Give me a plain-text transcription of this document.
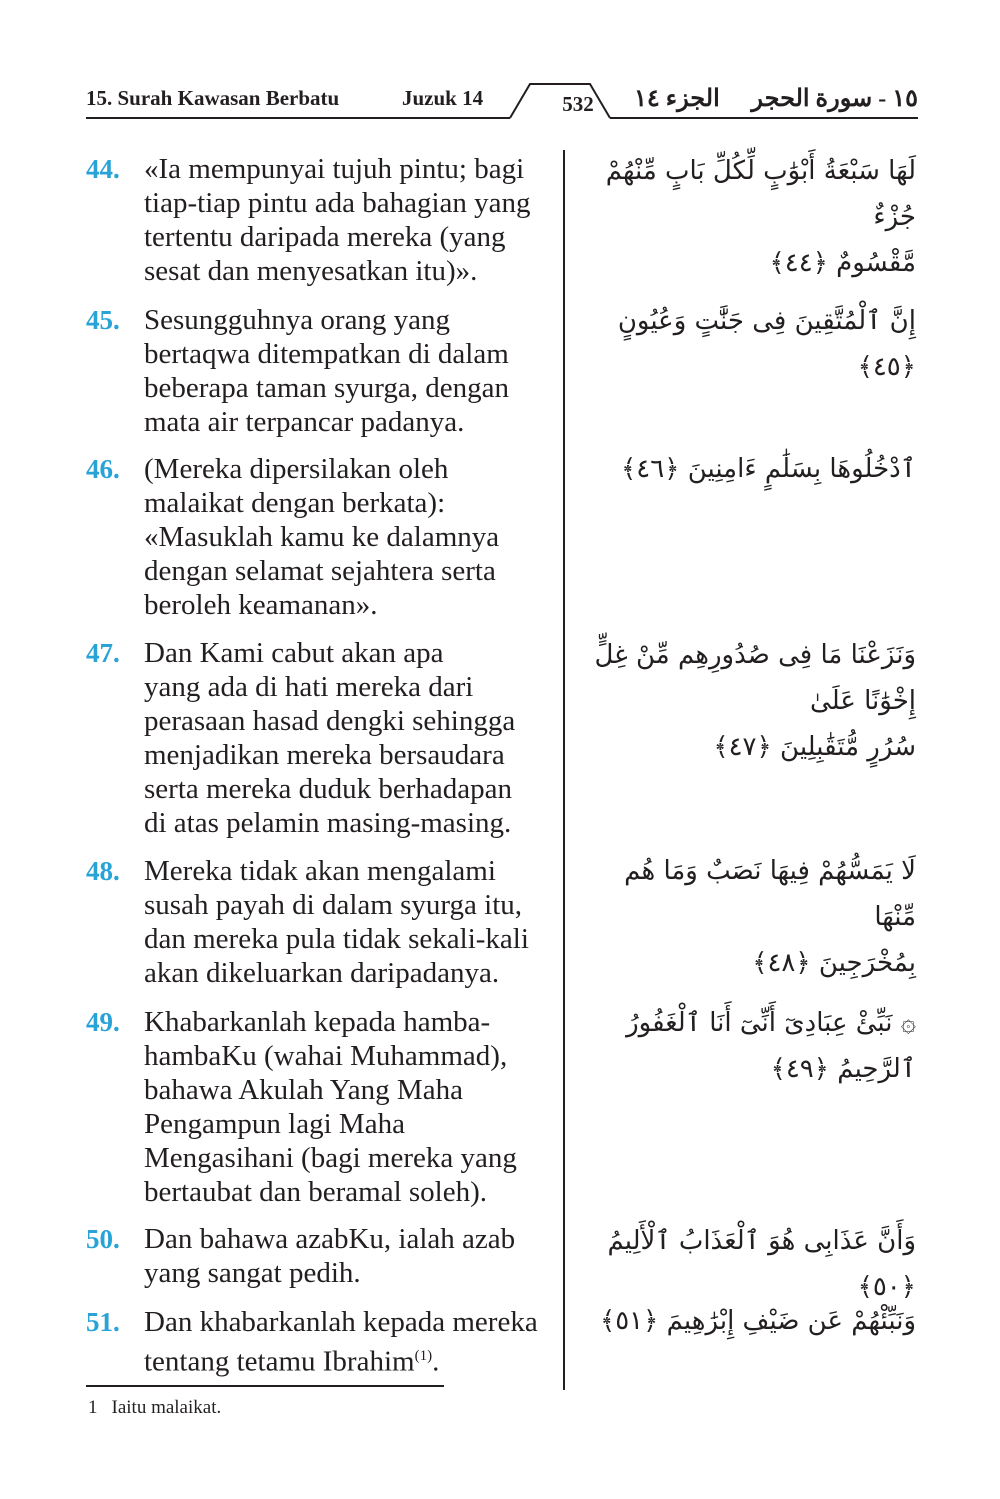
15. Surah Kawasan Berbatu	Juzuk 14	532	الجزء ١٤ ١٥ - سورة الحجر
44. «Ia mempunyai tujuh pintu; bagi
tiap-tiap pintu ada bahagian yang
tertentu daripada mereka (yang
sesat dan menyesatkan itu)».
لَهَا سَبْعَةُ أَبْوَٰبٍ لِّكُلِّ بَابٍ مِّنْهُمْ جُزْءٌ
مَّقْسُومٌ ﴿٤٤﴾
45. Sesungguhnya orang yang
bertaqwa ditempatkan di dalam
beberapa taman syurga, dengan
mata air terpancar padanya.
إِنَّ ٱلْمُتَّقِينَ فِى جَنَّٰتٍ وَعُيُونٍ ﴿٤٥﴾
46. (Mereka dipersilakan oleh
malaikat dengan berkata):
«Masuklah kamu ke dalamnya
dengan selamat sejahtera serta
beroleh keamanan».
ٱدْخُلُوهَا بِسَلَٰمٍ ءَامِنِينَ ﴿٤٦﴾
47. Dan Kami cabut akan apa
yang ada di hati mereka dari
perasaan hasad dengki sehingga
menjadikan mereka bersaudara
serta mereka duduk berhadapan
di atas pelamin masing-masing.
وَنَزَعْنَا مَا فِى صُدُورِهِم مِّنْ غِلٍّ إِخْوَٰنًا عَلَىٰ
سُرُرٍ مُّتَقَٰبِلِينَ ﴿٤٧﴾
48. Mereka tidak akan mengalami
susah payah di dalam syurga itu,
dan mereka pula tidak sekali-kali
akan dikeluarkan daripadanya.
لَا يَمَسُّهُمْ فِيهَا نَصَبٌ وَمَا هُم مِّنْهَا
بِمُخْرَجِينَ ﴿٤٨﴾
49. Khabarkanlah kepada hamba-
hambaKu (wahai Muhammad),
bahawa Akulah Yang Maha
Pengampun lagi Maha
Mengasihani (bagi mereka yang
bertaubat dan beramal soleh).
۞ نَبِّئْ عِبَادِىٓ أَنِّىٓ أَنَا ٱلْغَفُورُ ٱلرَّحِيمُ ﴿٤٩﴾
50. Dan bahawa azabKu, ialah azab
yang sangat pedih.
وَأَنَّ عَذَابِى هُوَ ٱلْعَذَابُ ٱلْأَلِيمُ ﴿٥٠﴾
51. Dan khabarkanlah kepada mereka
tentang tetamu Ibrahim$^{(1)}$.
وَنَبِّئْهُمْ عَن ضَيْفِ إِبْرَٰهِيمَ ﴿٥١﴾
1 Iaitu malaikat.
